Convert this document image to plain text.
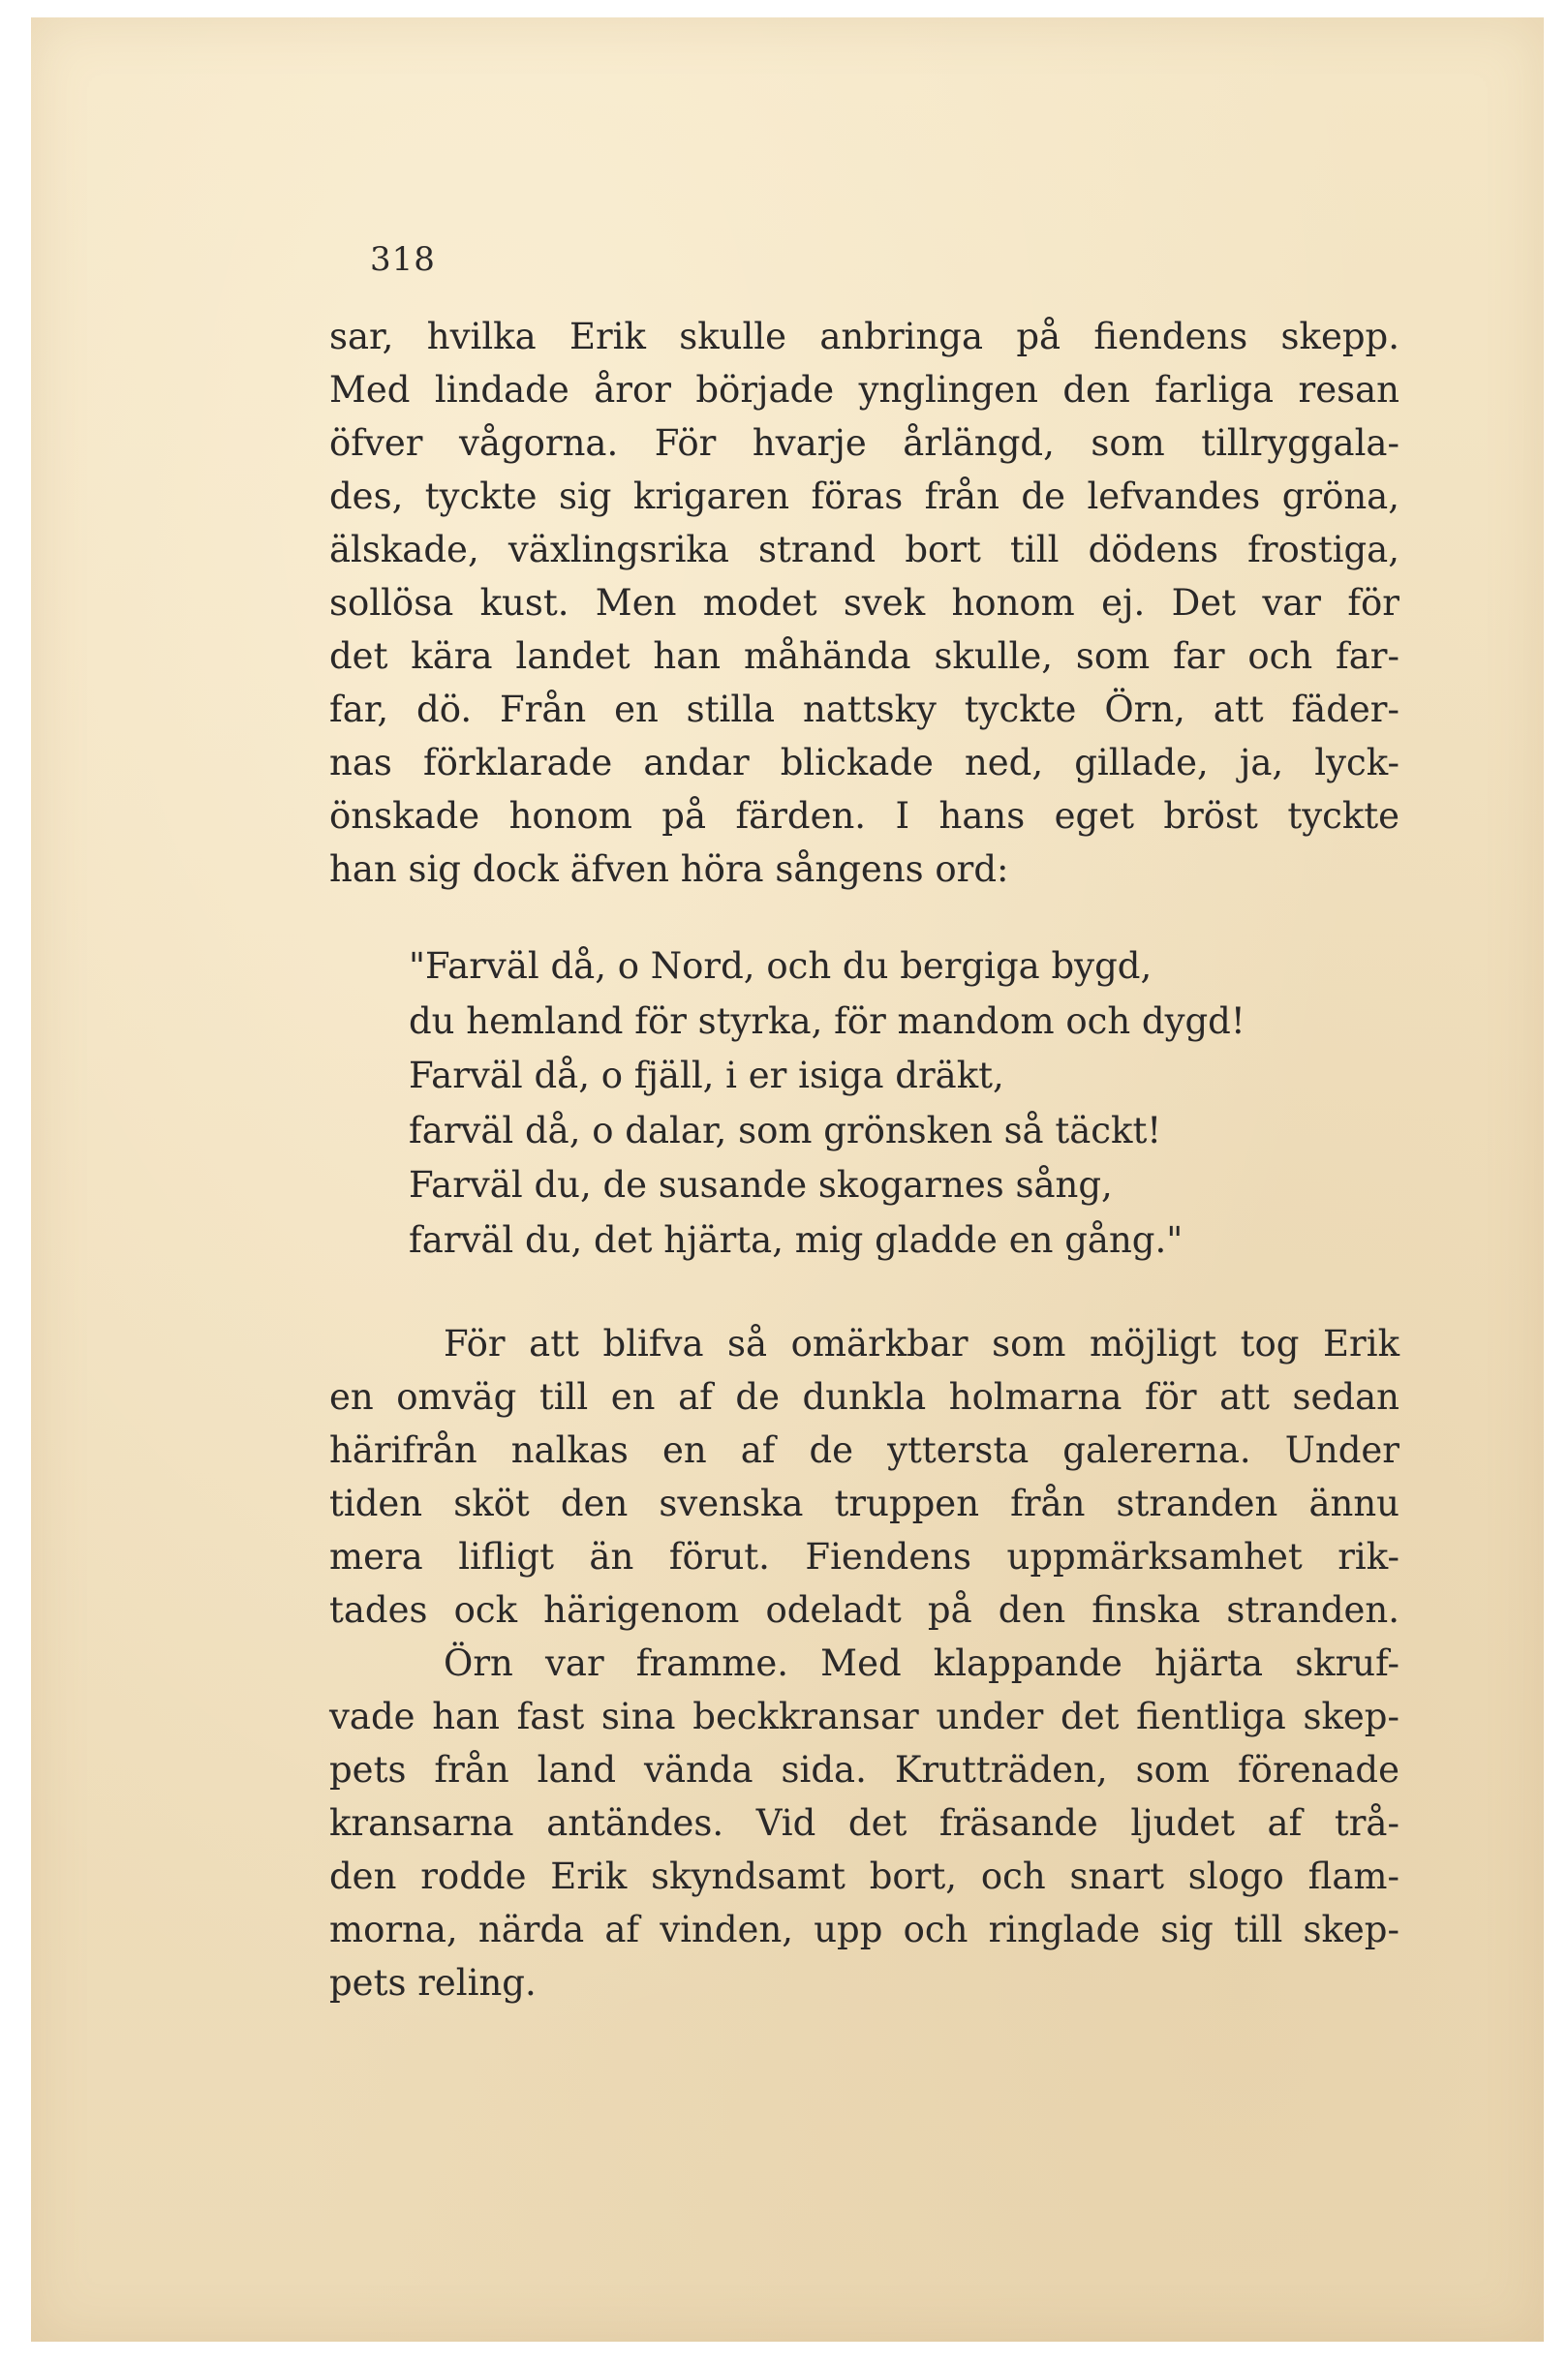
318
sar, hvilka Erik skulle anbringa på fiendens skepp.
Med lindade åror började ynglingen den farliga resan
öfver vågorna. För hvarje årlängd, som tillryggala-
des, tyckte sig krigaren föras från de lefvandes gröna,
älskade, växlingsrika strand bort till dödens frostiga,
sollösa kust. Men modet svek honom ej. Det var för
det kära landet han måhända skulle, som far och far-
far, dö. Från en stilla nattsky tyckte Örn, att fäder-
nas förklarade andar blickade ned, gillade, ja, lyck-
önskade honom på färden. I hans eget bröst tyckte
han sig dock äfven höra sångens ord:
"Farväl då, o Nord, och du bergiga bygd,
du hemland för styrka, för mandom och dygd!
Farväl då, o fjäll, i er isiga dräkt,
farväl då, o dalar, som grönsken så täckt!
Farväl du, de susande skogarnes sång,
farväl du, det hjärta, mig gladde en gång."
För att blifva så omärkbar som möjligt tog Erik
en omväg till en af de dunkla holmarna för att sedan
härifrån nalkas en af de yttersta galererna. Under
tiden sköt den svenska truppen från stranden ännu
mera lifligt än förut. Fiendens uppmärksamhet rik-
tades ock härigenom odeladt på den finska stranden.
Örn var framme. Med klappande hjärta skruf-
vade han fast sina beckkransar under det fientliga skep-
pets från land vända sida. Krutträden, som förenade
kransarna antändes. Vid det fräsande ljudet af trå-
den rodde Erik skyndsamt bort, och snart slogo flam-
morna, närda af vinden, upp och ringlade sig till skep-
pets reling.
